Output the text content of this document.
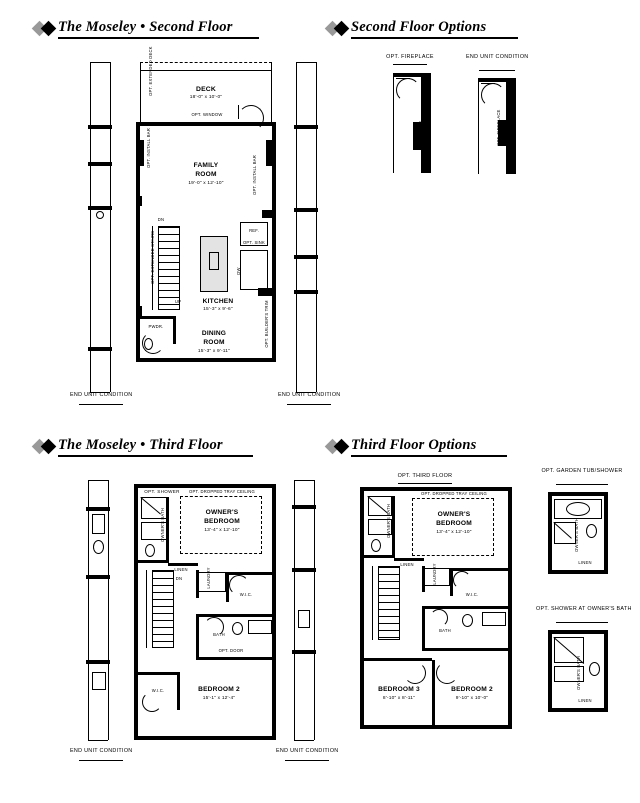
The Moseley • Second Floor	Second Floor Options
The Moseley • Third Floor	Third Floor Options
DECK
18'-0" x 10'-0"
OPT. WINDOW
OPT. EXTENDED DECK
FAMILY
ROOM
19'-0" x 12'-10"
OPT. INSTALL BAR
OPT. INSTALL BAR
OPT. BUILDER'S TRIM
DN
UP
OPT. EXTENDED STAIRS
REF.
OPT. SINK
DW
KITCHEN
15'-3" x 9'-6"
PWDR.
DINING
ROOM
15'-3" x 9'-11"
END UNIT CONDITION	END UNIT CONDITION
OPT. FIREPLACE
FIREPLACE
END UNIT CONDITION
OPT. FIREPLACE
OPT. SHOWER
OWNER'S BATH
OPT. DROPPED TRAY CEILING
OWNER'S
BEDROOM
13'-4" x 12'-10"
LINEN
DN	LAUNDRY
W.I.C.
BATH
OPT. DOOR
BEDROOM 2
15'-1" x 12'-4"
W.I.C.
END UNIT CONDITION	END UNIT CONDITION
OPT. THIRD FLOOR
OWNER'S BATH
OPT. DROPPED TRAY CEILING
OWNER'S
BEDROOM
13'-4" x 12'-10"
LINEN	LAUNDRY
W.I.C.
BATH
BEDROOM 3
8'-10" x 8'-11"
BEDROOM 2
9'-10" x 10'-0"
OPT. GARDEN TUB/SHOWER
OWNER'S BATH
LINEN
OPT. SHOWER AT OWNER'S BATH
OWNER'S BATH
LINEN
